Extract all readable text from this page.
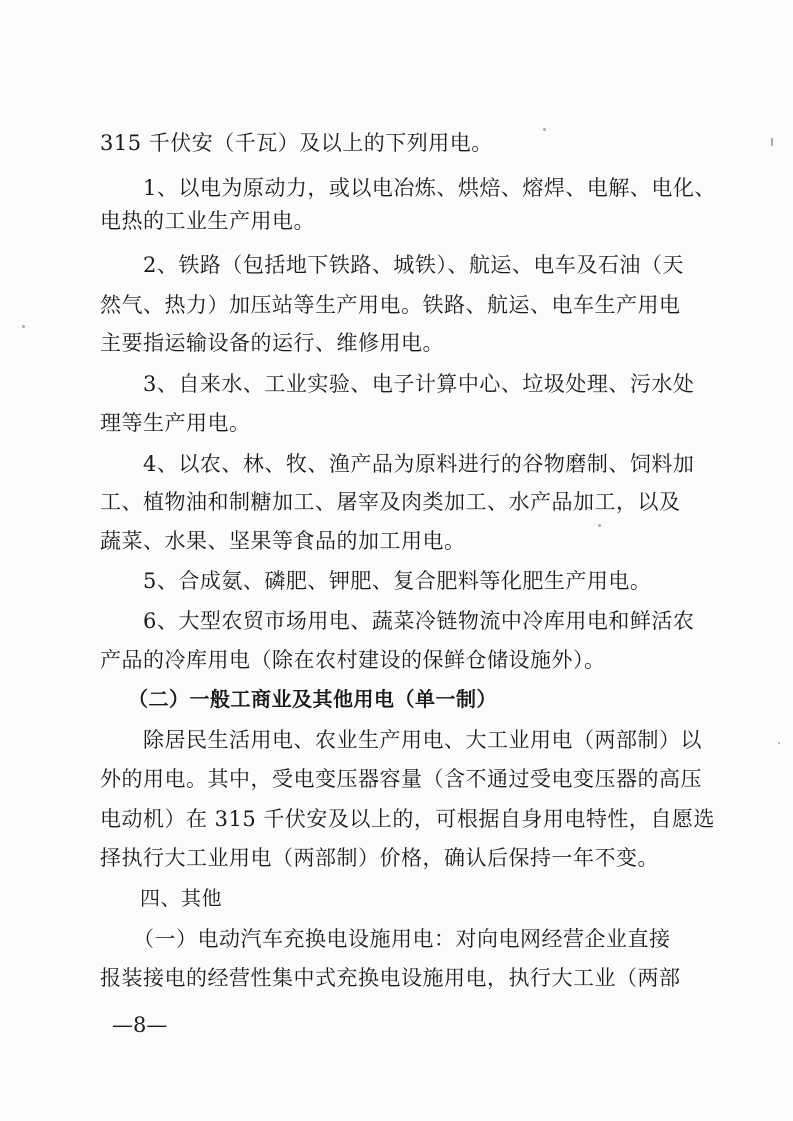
315 千伏安（千瓦）及以上的下列用电。
1、以电为原动力，或以电冶炼、烘焙、熔焊、电解、电化、
电热的工业生产用电。
2、铁路（包括地下铁路、城铁）、航运、电车及石油（天
然气、热力）加压站等生产用电。铁路、航运、电车生产用电
主要指运输设备的运行、维修用电。
3、自来水、工业实验、电子计算中心、垃圾处理、污水处
理等生产用电。
4、以农、林、牧、渔产品为原料进行的谷物磨制、饲料加
工、植物油和制糖加工、屠宰及肉类加工、水产品加工，以及
蔬菜、水果、坚果等食品的加工用电。
5、合成氨、磷肥、钾肥、复合肥料等化肥生产用电。
6、大型农贸市场用电、蔬菜冷链物流中冷库用电和鲜活农
产品的冷库用电（除在农村建设的保鲜仓储设施外）。
（二）一般工商业及其他用电（单一制）
除居民生活用电、农业生产用电、大工业用电（两部制）以
外的用电。其中，受电变压器容量（含不通过受电变压器的高压
电动机）在 315 千伏安及以上的，可根据自身用电特性，自愿选
择执行大工业用电（两部制）价格，确认后保持一年不变。
四、其他
（一）电动汽车充换电设施用电：对向电网经营企业直接
报装接电的经营性集中式充换电设施用电，执行大工业（两部
—8—
